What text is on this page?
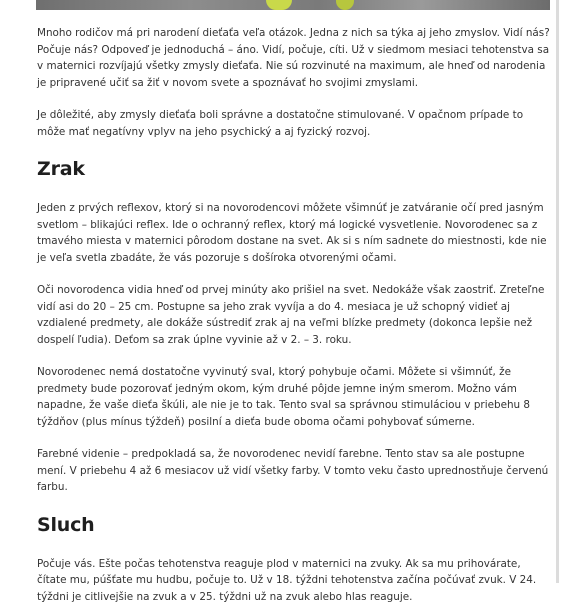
Mnoho rodičov má pri narodení dieťaťa veľa otázok. Jedna z nich sa týka aj jeho zmyslov. Vidí nás? Počuje nás? Odpoveď je jednoduchá – áno. Vidí, počuje, cíti. Už v siedmom mesiaci tehotenstva sa v maternici rozvíjajú všetky zmysly dieťaťa. Nie sú rozvinuté na maximum, ale hneď od narodenia je pripravené učiť sa žiť v novom svete a spoznávať ho svojimi zmyslami.

Je dôležité, aby zmysly dieťaťa boli správne a dostatočne stimulované. V opačnom prípade to môže mať negatívny vplyv na jeho psychický a aj fyzický rozvoj.

Zrak

Jeden z prvých reflexov, ktorý si na novorodencovi môžete všimnúť je zatváranie očí pred jasným svetlom – blikajúci reflex. Ide o ochranný reflex, ktorý má logické vysvetlenie. Novorodenec sa z tmavého miesta v maternici pôrodom dostane na svet. Ak si s ním sadnete do miestnosti, kde nie je veľa svetla zbadáte, že vás pozoruje s došírokа otvorenými očami.

Oči novorodenca vidia hneď od prvej minúty ako prišiel na svet. Nedokáže však zaostriť. Zreteľne vidí asi do 20 – 25 cm. Postupne sa jeho zrak vyvíja a do 4. mesiaca je už schopný vidieť aj vzdialené predmety, ale dokáže sústrediť zrak aj na veľmi blízke predmety (dokonca lepšie než dospelí ľudia). Deťom sa zrak úplne vyvinie až v 2. – 3. roku.

Novorodenec nemá dostatočne vyvinutý sval, ktorý pohybuje očami. Môžete si všimnúť, že predmety bude pozorovať jedným okom, kým druhé pôjde jemne iným smerom. Možno vám napadne, že vaše dieťa škúli, ale nie je to tak. Tento sval sa správnou stimuláciou v priebehu 8 týždňov (plus mínus týždeň) posilní a dieťa bude oboma očami pohybovať súmerne.

Farebné videnie – predpokladá sa, že novorodenec nevidí farebne. Tento stav sa ale postupne mení. V priebehu 4 až 6 mesiacov už vidí všetky farby. V tomto veku často uprednostňuje červenú farbu.

Sluch

Počuje vás. Ešte počas tehotenstva reaguje plod v maternici na zvuky. Ak sa mu prihovárate, čítate mu, púšťate mu hudbu, počuje to. Už v 18. týždni tehotenstva začína počúvať zvuk. V 24. týždni je citlivejšie na zvuk a v 25. týždni už na zvuk alebo hlas reaguje.
